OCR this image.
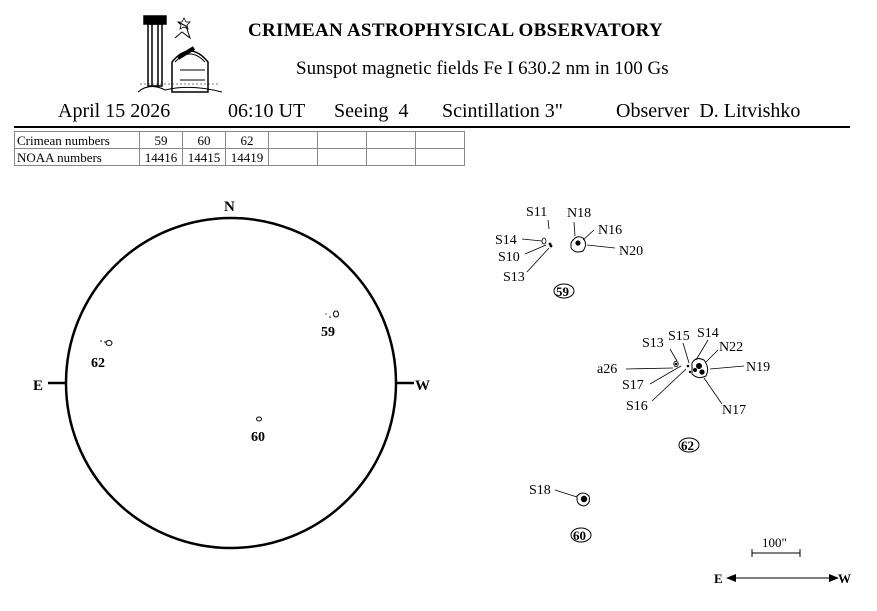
CRIMEAN ASTROPHYSICAL OBSERVATORY
Sunspot magnetic fields Fe I 630.2 nm in 100 Gs
April 15 2026	06:10 UT Seeing 4 Scintillation 3"	Observer D. Litvishko
Crimean numbers	59	60	62				
NOAA numbers	14416	14415	14419				
N
E	W
62
59
60
S11 N18
N16
S14
N20
S10
S13
59
S13 S15 S14
N22
N19
a26
S17
S16	N17
62
S18
60	100"
E	W
